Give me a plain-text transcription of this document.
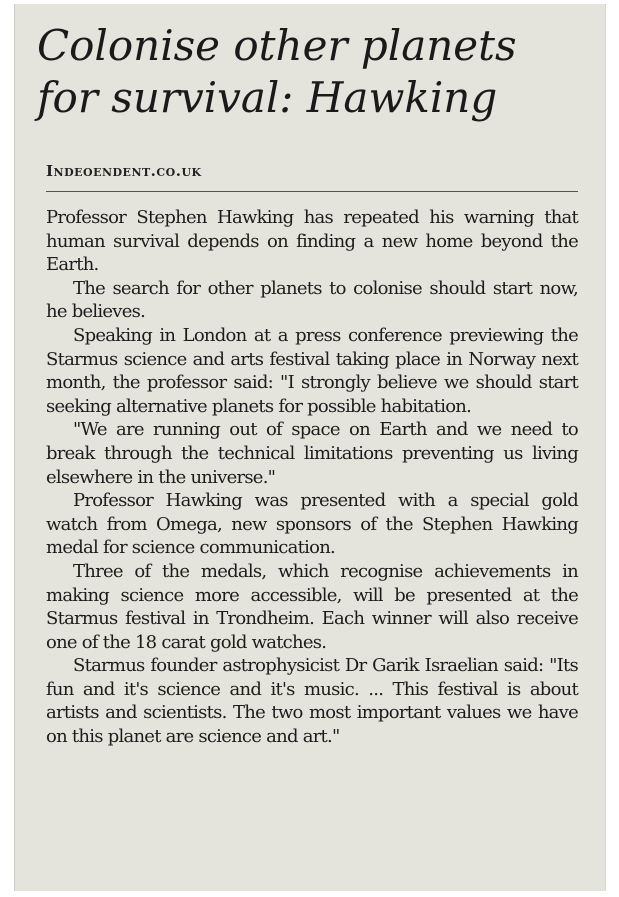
Colonise other planets
for survival: Hawking
Indeoendent.co.uk

Professor Stephen Hawking has repeated his warning that human survival depends on finding a new home beyond the Earth.

The search for other planets to colonise should start now, he believes.

Speaking in London at a press conference previewing the Starmus science and arts festival taking place in Norway next month, the professor said: "I strongly believe we should start seeking alternative planets for possible habitation.

"We are running out of space on Earth and we need to break through the technical limitations preventing us living elsewhere in the universe."

Professor Hawking was presented with a special gold watch from Omega, new sponsors of the Stephen Hawking medal for science communication.

Three of the medals, which recognise achievements in making science more accessible, will be presented at the Starmus festival in Trondheim. Each winner will also receive one of the 18 carat gold watches.

Starmus founder astrophysicist Dr Garik Israelian said: "Its fun and it's science and it's music. ... This festival is about artists and scientists. The two most important values we have on this planet are science and art."
